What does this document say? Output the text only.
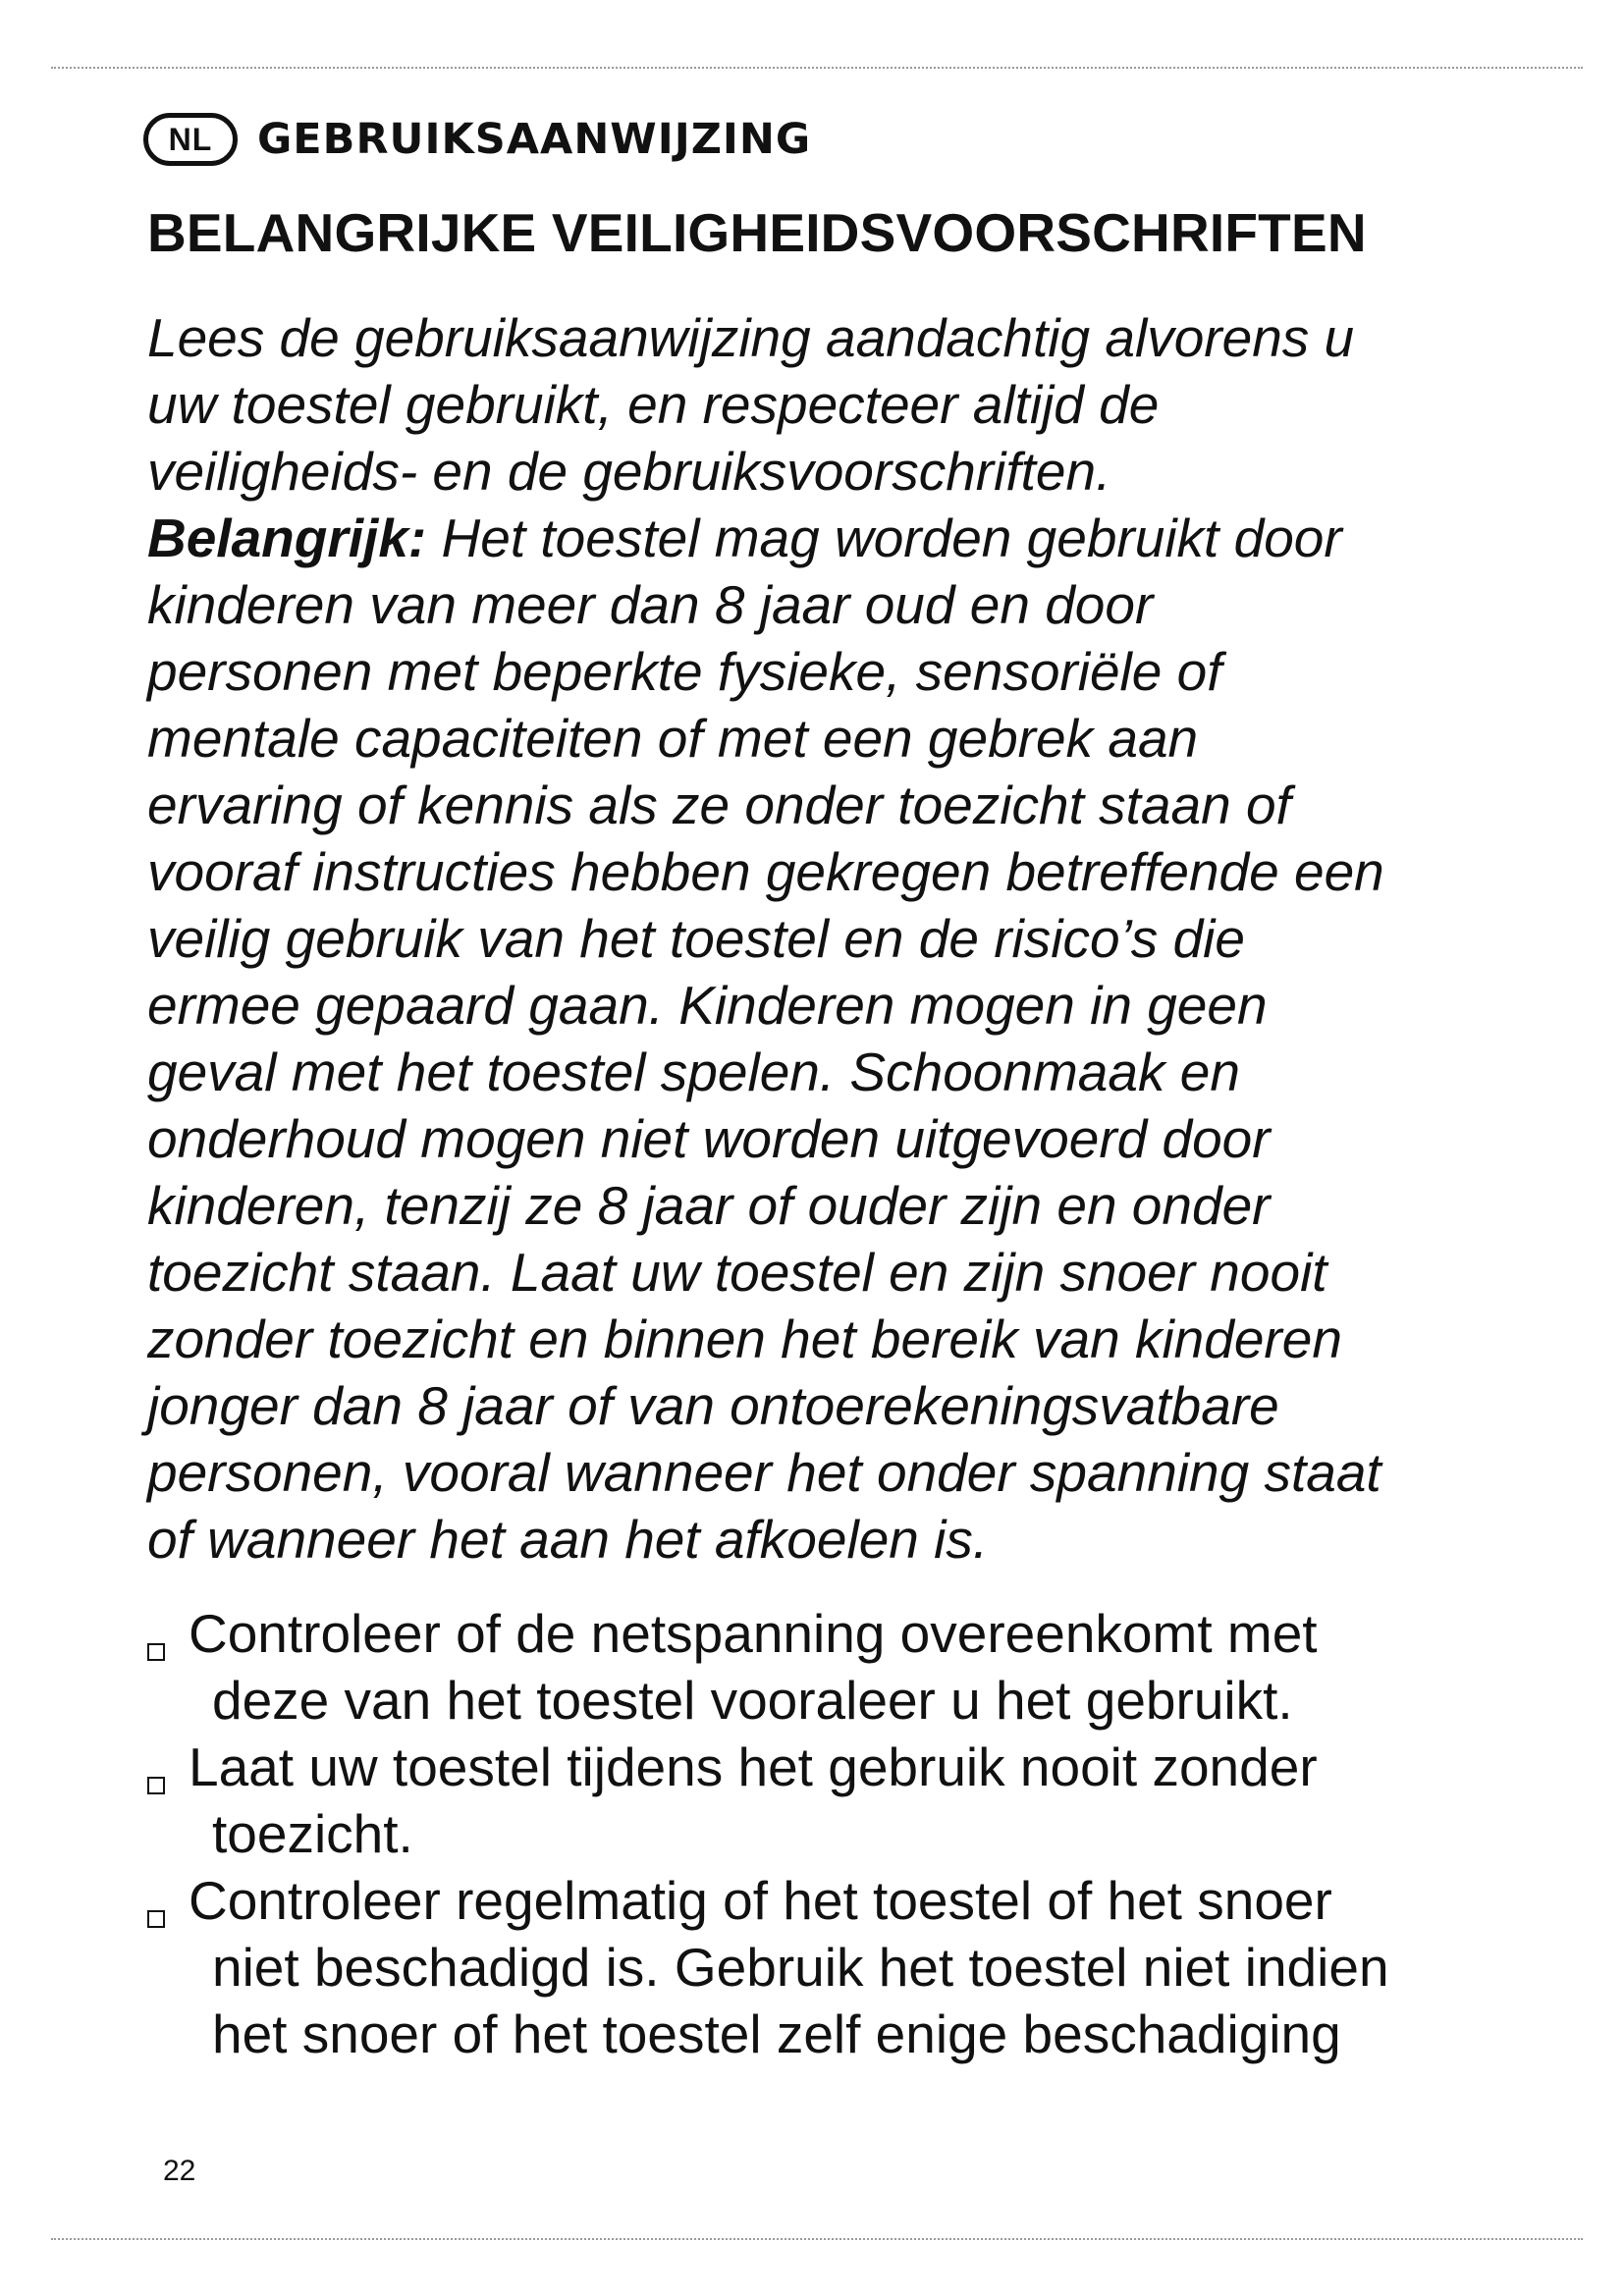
NL GEBRUIKSAANWIJZING
BELANGRIJKE VEILIGHEIDSVOORSCHRIFTEN
Lees de gebruiksaanwijzing aandachtig alvorens u
uw toestel gebruikt, en respecteer altijd de
veiligheids- en de gebruiksvoorschriften.
Belangrijk: Het toestel mag worden gebruikt door
kinderen van meer dan 8 jaar oud en door
personen met beperkte fysieke, sensoriële of
mentale capaciteiten of met een gebrek aan
ervaring of kennis als ze onder toezicht staan of
vooraf instructies hebben gekregen betreffende een
veilig gebruik van het toestel en de risico’s die
ermee gepaard gaan. Kinderen mogen in geen
geval met het toestel spelen. Schoonmaak en
onderhoud mogen niet worden uitgevoerd door
kinderen, tenzij ze 8 jaar of ouder zijn en onder
toezicht staan. Laat uw toestel en zijn snoer nooit
zonder toezicht en binnen het bereik van kinderen
jonger dan 8 jaar of van ontoerekeningsvatbare
personen, vooral wanneer het onder spanning staat
of wanneer het aan het afkoelen is.
Controleer of de netspanning overeenkomt met
deze van het toestel vooraleer u het gebruikt.
Laat uw toestel tijdens het gebruik nooit zonder
toezicht.
Controleer regelmatig of het toestel of het snoer
niet beschadigd is. Gebruik het toestel niet indien
het snoer of het toestel zelf enige beschadiging
22
